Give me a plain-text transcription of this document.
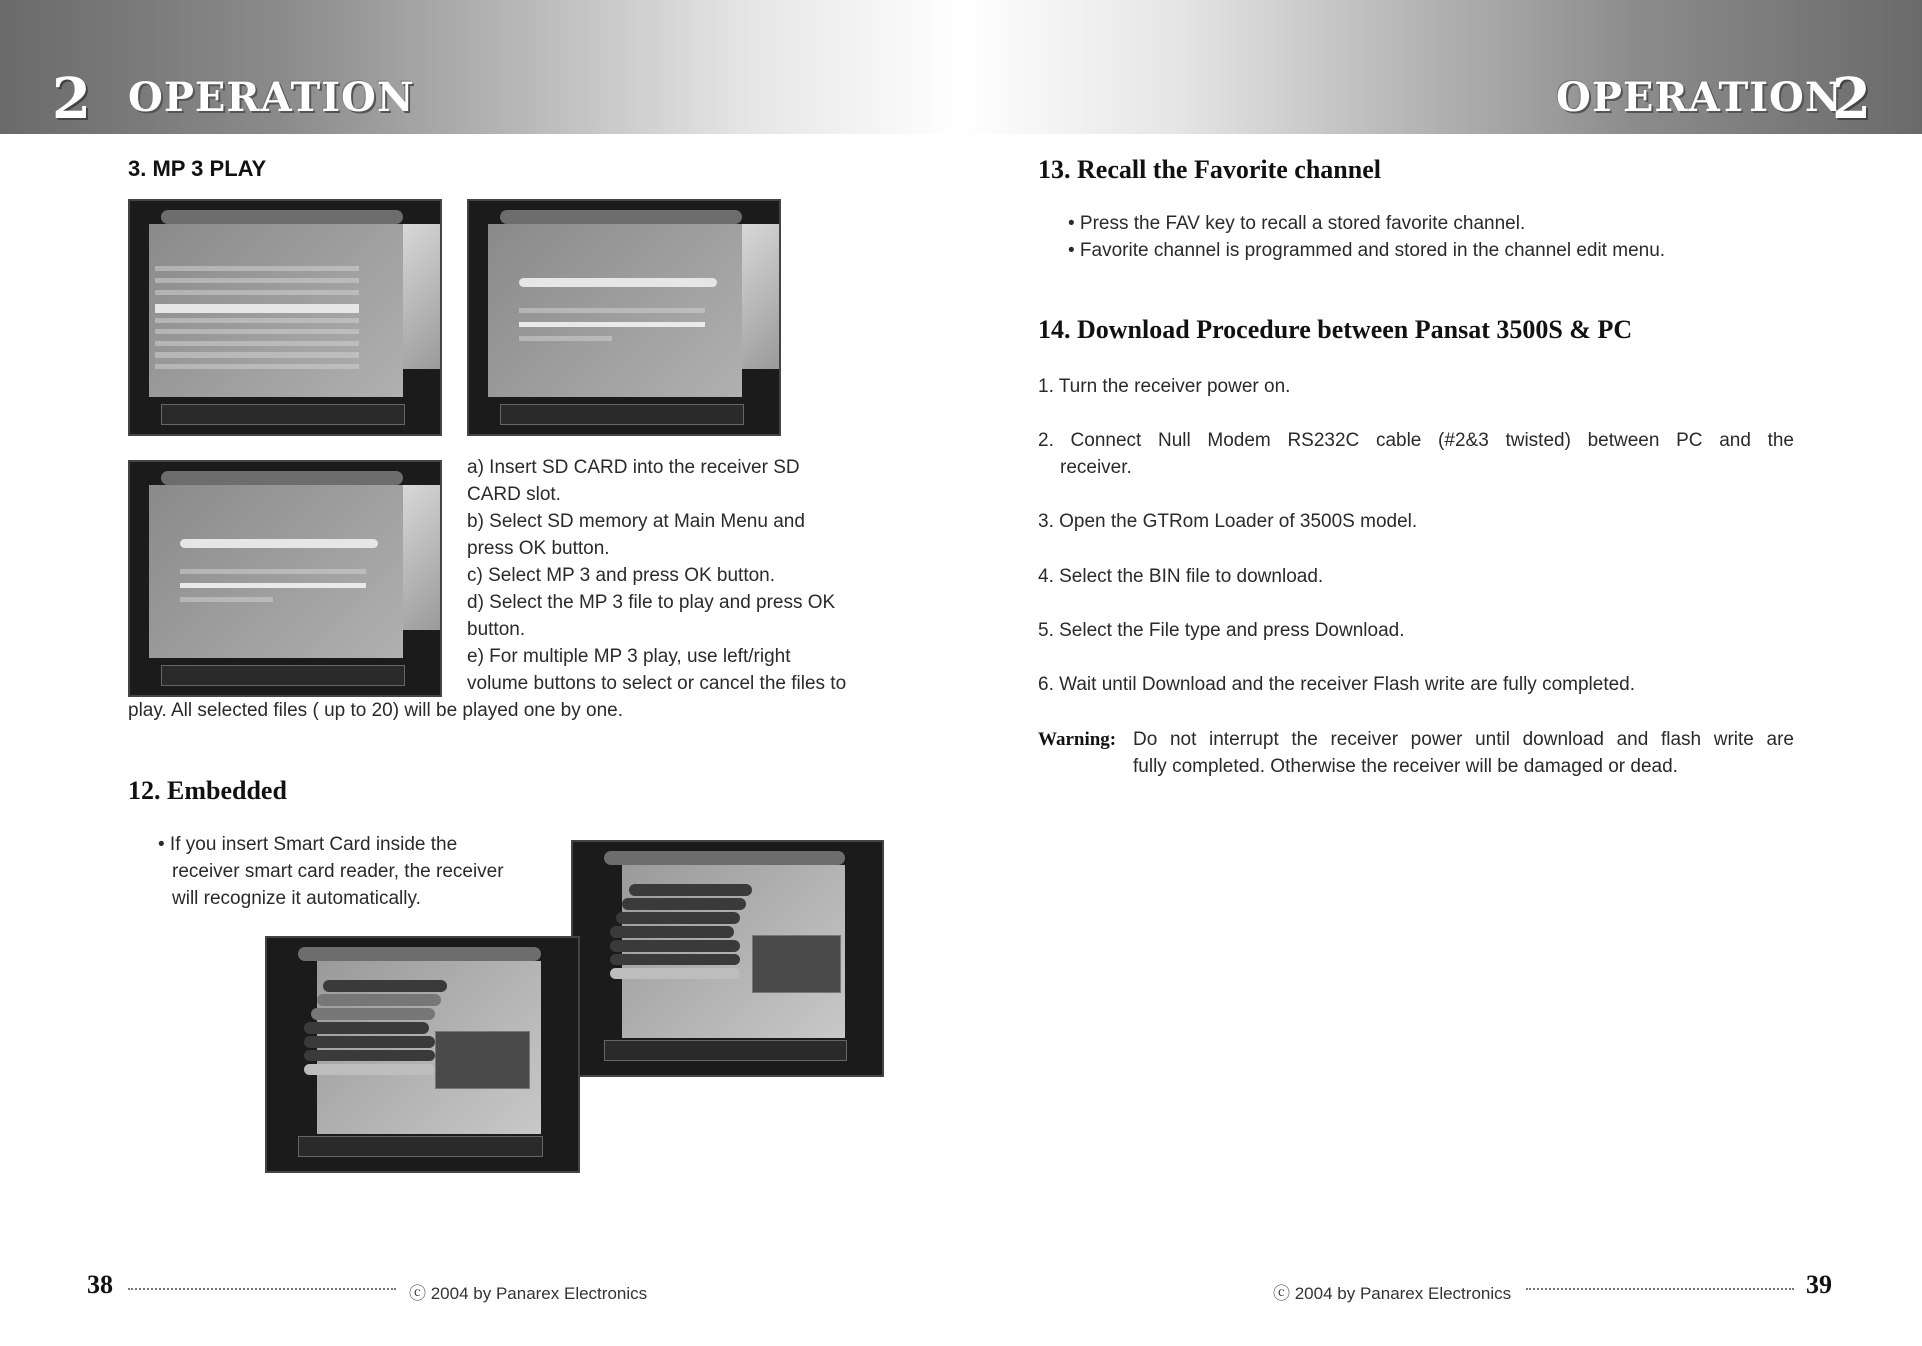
2 OPERATION	OPERATION
2
3. MP 3 PLAY
a) Insert SD CARD into the receiver SD
CARD slot.
b) Select SD memory at Main Menu and
press OK button.
c) Select MP 3 and press OK button.
d) Select the MP 3 file to play and press OK
button.
e) For multiple MP 3 play, use left/right
volume buttons to select or cancel the files to
play. All selected files ( up to 20) will be played one by one.
12. Embedded
• If you insert Smart Card inside the
receiver smart card reader, the receiver
will recognize it automatically.
13. Recall the Favorite channel
• Press the FAV key to recall a stored favorite channel.
• Favorite channel is programmed and stored in the channel edit menu.
14. Download Procedure between Pansat 3500S & PC
1. Turn the receiver power on.
2. Connect Null Modem RS232C cable (#2&3 twisted) between PC and the
receiver.
3. Open the GTRom Loader of 3500S model.
4. Select the BIN file to download.
5. Select the File type and press Download.
6. Wait until Download and the receiver Flash write are fully completed.
Warning: Do not interrupt the receiver power until download and flash write are
fully completed. Otherwise the receiver will be damaged or dead.
38	ⓒ 2004 by Panarex Electronics	ⓒ 2004 by Panarex Electronics	39
